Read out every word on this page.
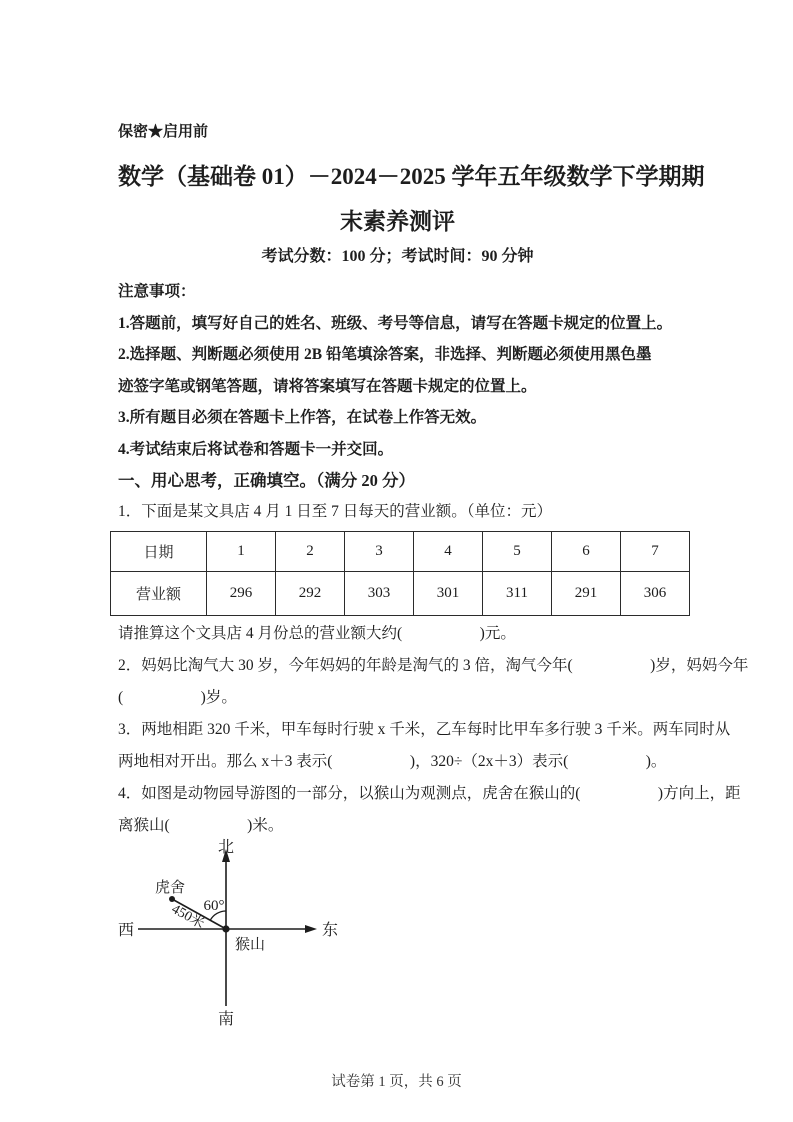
保密★启用前
数学（基础卷 01）－2024－2025 学年五年级数学下学期期
末素养测评
考试分数：100 分；考试时间：90 分钟
注意事项：
1.答题前，填写好自己的姓名、班级、考号等信息，请写在答题卡规定的位置上。
2.选择题、判断题必须使用 2B 铅笔填涂答案，非选择、判断题必须使用黑色墨
迹签字笔或钢笔答题，请将答案填写在答题卡规定的位置上。
3.所有题目必须在答题卡上作答，在试卷上作答无效。
4.考试结束后将试卷和答题卡一并交回。
一、用心思考，正确填空。（满分 20 分）
1．下面是某文具店 4 月 1 日至 7 日每天的营业额。（单位：元）
日期	1	2	3	4	5	6	7
营业额	296	292	303	301	311	291	306
请推算这个文具店 4 月份总的营业额大约(　　　　　)元。
2．妈妈比淘气大 30 岁，今年妈妈的年龄是淘气的 3 倍，淘气今年(　　　　　)岁，妈妈今年
(　　　　　)岁。
3．两地相距 320 千米，甲车每时行驶 x 千米，乙车每时比甲车多行驶 3 千米。两车同时从
两地相对开出。那么 x＋3 表示(　　　　　)，320÷（2x＋3）表示(　　　　　)。
4．如图是动物园导游图的一部分，以猴山为观测点，虎舍在猴山的(　　　　　)方向上，距
离猴山(　　　　　)米。
北
南
西	东
虎舍
60°
450米
猴山
试卷第 1 页，共 6 页
